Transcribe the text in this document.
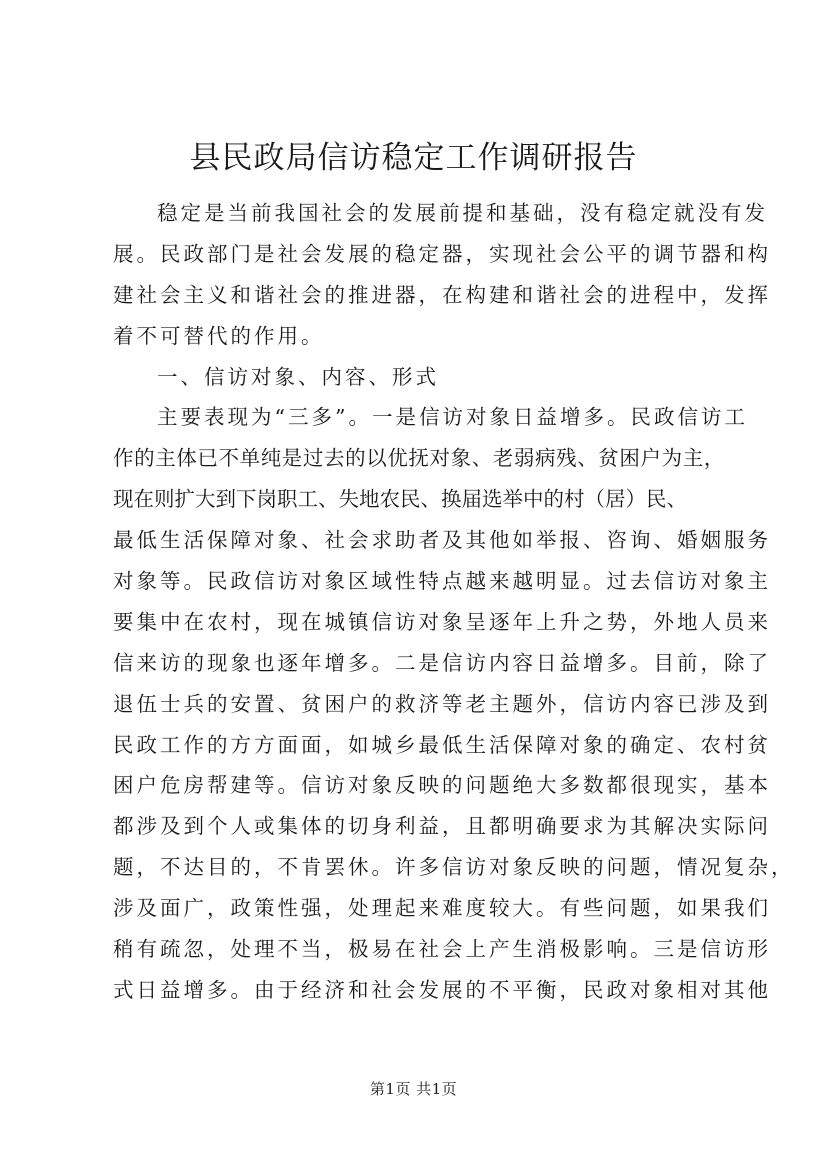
县民政局信访稳定工作调研报告
稳定是当前我国社会的发展前提和基础，没有稳定就没有发
展。民政部门是社会发展的稳定器，实现社会公平的调节器和构
建社会主义和谐社会的推进器，在构建和谐社会的进程中，发挥
着不可替代的作用。
一、信访对象、内容、形式
主要表现为“三多”。一是信访对象日益增多。民政信访工
作的主体已不单纯是过去的以优抚对象、老弱病残、贫困户为主，
现在则扩大到下岗职工、失地农民、换届选举中的村（居）民、
最低生活保障对象、社会求助者及其他如举报、咨询、婚姻服务
对象等。民政信访对象区域性特点越来越明显。过去信访对象主
要集中在农村，现在城镇信访对象呈逐年上升之势，外地人员来
信来访的现象也逐年增多。二是信访内容日益增多。目前，除了
退伍士兵的安置、贫困户的救济等老主题外，信访内容已涉及到
民政工作的方方面面，如城乡最低生活保障对象的确定、农村贫
困户危房帮建等。信访对象反映的问题绝大多数都很现实，基本
都涉及到个人或集体的切身利益，且都明确要求为其解决实际问
题，不达目的，不肯罢休。许多信访对象反映的问题，情况复杂，
涉及面广，政策性强，处理起来难度较大。有些问题，如果我们
稍有疏忽，处理不当，极易在社会上产生消极影响。三是信访形
式日益增多。由于经济和社会发展的不平衡，民政对象相对其他
第1页 共1页
